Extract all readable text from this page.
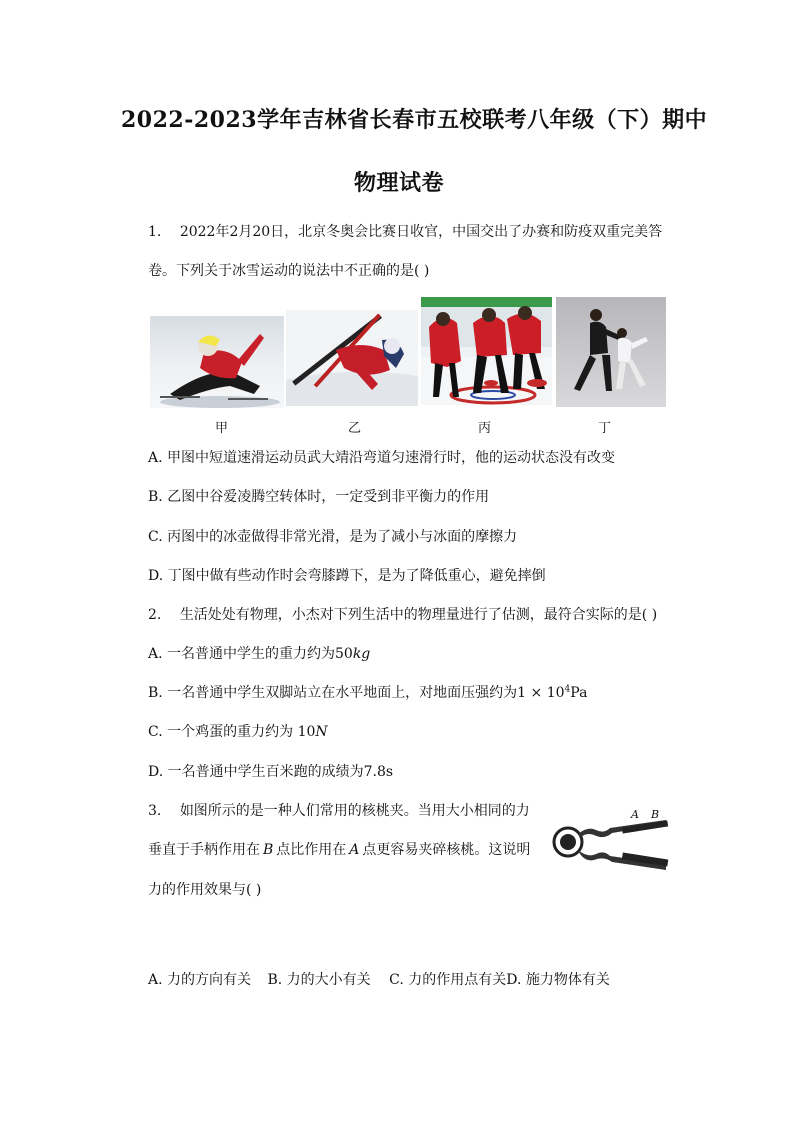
2022-2023学年吉林省长春市五校联考八年级（下）期中
物理试卷
1. 2022年2月20日，北京冬奥会比赛日收官，中国交出了办赛和防疫双重完美答
卷。下列关于冰雪运动的说法中不正确的是( )
甲	乙	丙	丁
A. 甲图中短道速滑运动员武大靖沿弯道匀速滑行时，他的运动状态没有改变
B. 乙图中谷爱凌腾空转体时，一定受到非平衡力的作用
C. 丙图中的冰壶做得非常光滑，是为了减小与冰面的摩擦力
D. 丁图中做有些动作时会弯膝蹲下，是为了降低重心，避免摔倒
2. 生活处处有物理，小杰对下列生活中的物理量进行了估测，最符合实际的是( )
A. 一名普通中学生的重力约为50kg
B. 一名普通中学生双脚站立在水平地面上，对地面压强约为$1 \times 10^4Pa$
C. 一个鸡蛋的重力约为 10N
D. 一名普通中学生百米跑的成绩为7.8s
3. 如图所示的是一种人们常用的核桃夹。当用大小相同的力
垂直于手柄作用在 B 点比作用在 A 点更容易夹碎核桃。这说明
力的作用效果与( )
A B
A. 力的方向有关 B. 力的大小有关 C. 力的作用点有关D. 施力物体有关
